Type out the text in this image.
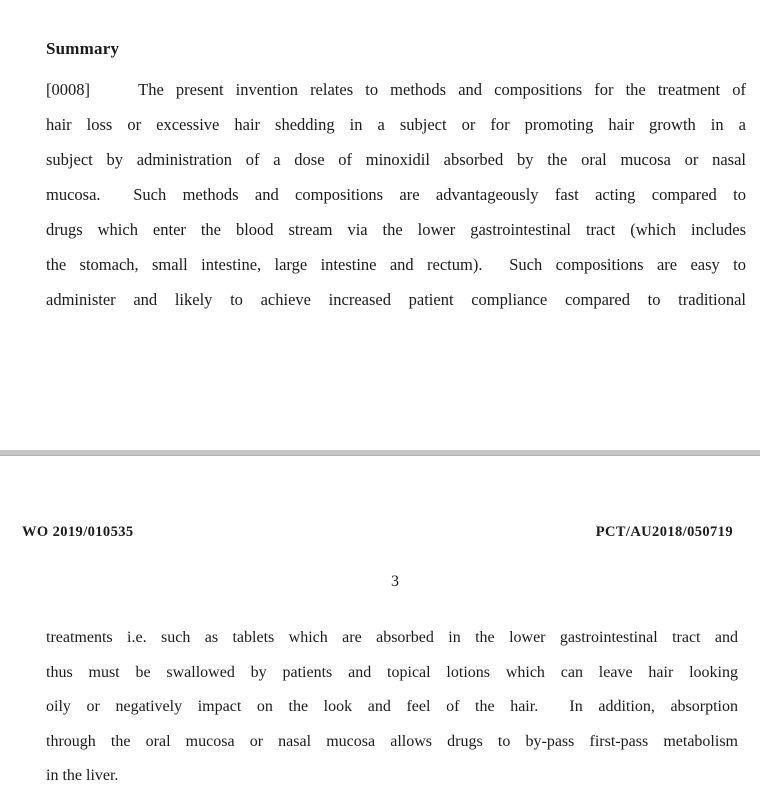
Summary
[0008]    The present invention relates to methods and compositions for the treatment of
hair loss or excessive hair shedding in a subject or for promoting hair growth in a
subject by administration of a dose of minoxidil absorbed by the oral mucosa or nasal
mucosa.  Such methods and compositions are advantageously fast acting compared to
drugs which enter the blood stream via the lower gastrointestinal tract (which includes
the stomach, small intestine, large intestine and rectum).  Such compositions are easy to
administer and likely to achieve increased patient compliance compared to traditional
WO 2019/010535	PCT/AU2018/050719
3
treatments i.e. such as tablets which are absorbed in the lower gastrointestinal tract and
thus must be swallowed by patients and topical lotions which can leave hair looking
oily or negatively impact on the look and feel of the hair.  In addition, absorption
through the oral mucosa or nasal mucosa allows drugs to by-pass first-pass metabolism
in the liver.
